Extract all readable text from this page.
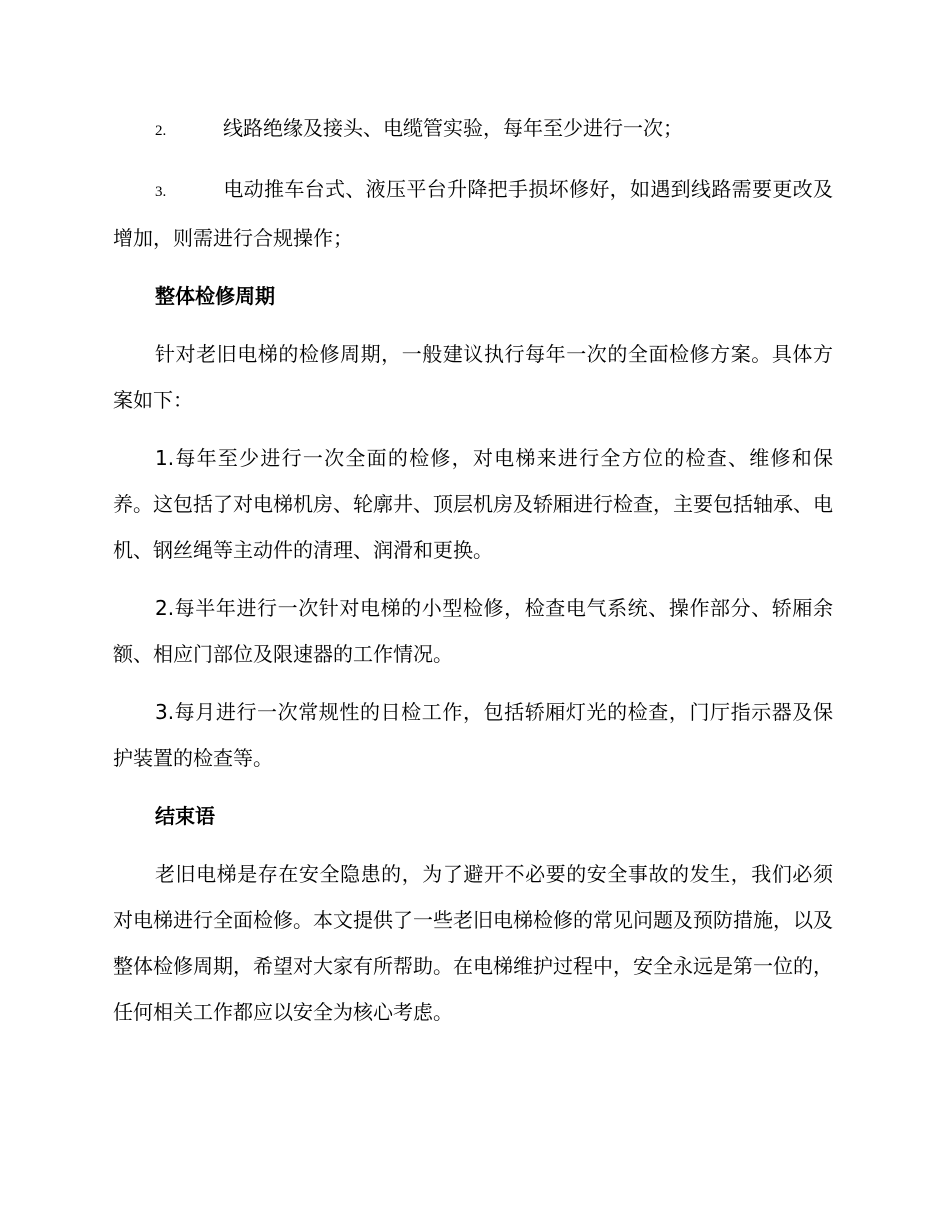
2.	线路绝缘及接头、电缆管实验，每年至少进行一次；

3.	电动推车台式、液压平台升降把手损坏修好，如遇到线路需要更改及增加，则需进行合规操作；

整体检修周期

针对老旧电梯的检修周期，一般建议执行每年一次的全面检修方案。具体方案如下：

1.每年至少进行一次全面的检修，对电梯来进行全方位的检查、维修和保养。这包括了对电梯机房、轮廓井、顶层机房及轿厢进行检查，主要包括轴承、电机、钢丝绳等主动件的清理、润滑和更换。

2.每半年进行一次针对电梯的小型检修，检查电气系统、操作部分、轿厢余额、相应门部位及限速器的工作情况。

3.每月进行一次常规性的日检工作，包括轿厢灯光的检查，门厅指示器及保护装置的检查等。

结束语

老旧电梯是存在安全隐患的，为了避开不必要的安全事故的发生，我们必须对电梯进行全面检修。本文提供了一些老旧电梯检修的常见问题及预防措施，以及整体检修周期，希望对大家有所帮助。在电梯维护过程中，安全永远是第一位的，任何相关工作都应以安全为核心考虑。
